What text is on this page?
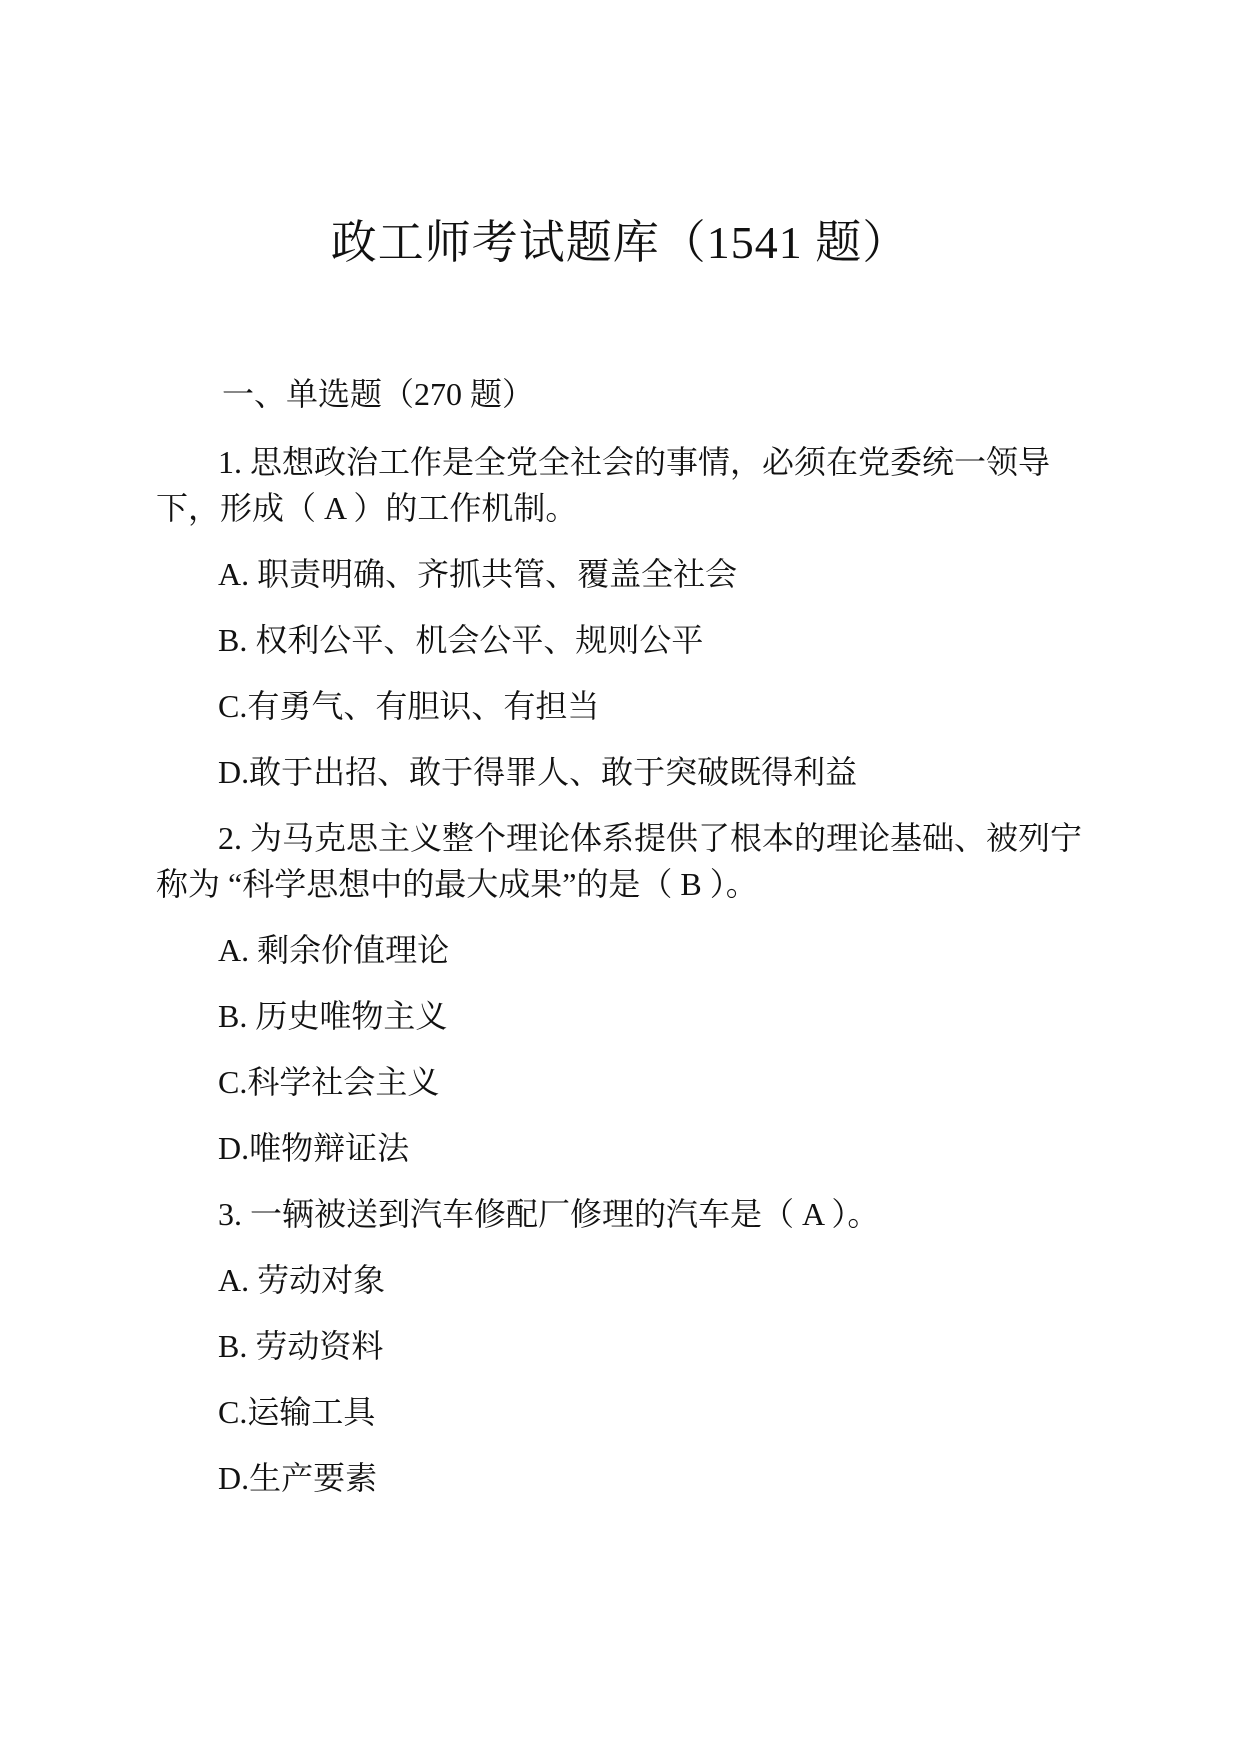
政工师考试题库（1541 题）
一、单选题（270 题）
1. 思想政治工作是全党全社会的事情，必须在党委统一领导
下，形成（ A ）的工作机制。
A. 职责明确、齐抓共管、覆盖全社会
B. 权利公平、机会公平、规则公平
C.有勇气、有胆识、有担当
D.敢于出招、敢于得罪人、敢于突破既得利益
2. 为马克思主义整个理论体系提供了根本的理论基础、被列宁
称为 “科学思想中的最大成果”的是（ B ）。
A. 剩余价值理论
B. 历史唯物主义
C.科学社会主义
D.唯物辩证法
3. 一辆被送到汽车修配厂修理的汽车是（ A ）。
A. 劳动对象
B. 劳动资料
C.运输工具
D.生产要素
